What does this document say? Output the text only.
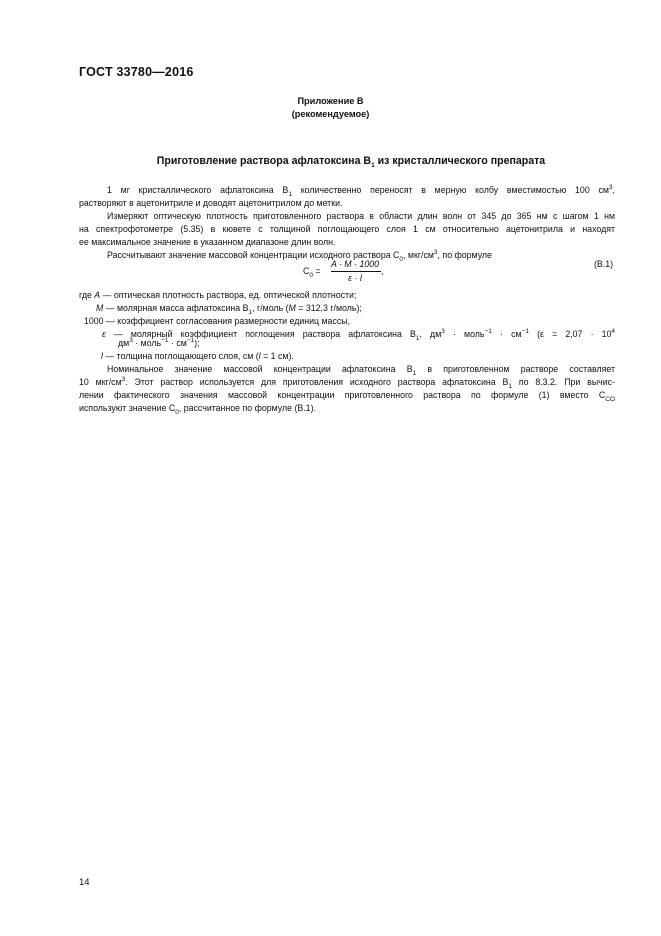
ГОСТ 33780—2016
Приложение В
(рекомендуемое)
Приготовление раствора афлатоксина $В_1$ из кристаллического препарата
1 мг кристаллического афлатоксина $В_1$ количественно переносят в мерную колбу вместимостью 100 $см^3$,
растворяют в ацетонитриле и доводят ацетонитрилом до метки.
Измеряют оптическую плотность приготовленного раствора в области длин волн от 345 до 365 нм с шагом 1 нм
на спектрофотометре (5.35) в кювете с толщиной поглощающего слоя 1 см относительно ацетонитрила и находят
ее максимальное значение в указанном диапазоне длин волн.
Рассчитывают значение массовой концентрации исходного раствора $C_0$, мкг/$см^3$, по формуле
$C_0$ =
A · M · 1000
ε · l
,
(В.1)
где A — оптическая плотность раствора, ед. оптической плотности;
M — молярная масса афлатоксина $В_1$, г/моль (M = 312,3 г/моль);
1000 — коэффициент согласования размерности единиц массы,
ε — молярный коэффициент поглощения раствора афлатоксина $В_1$, $дм^3$ · моль$^{-1}$ · $см^{-1}$ ($\varepsilon = 2,07 \cdot 10^4$
$дм^3$ · моль$^{-1}$ · $см^{-1}$);
l — толщина поглощающего слоя, см (l = 1 см).
Номинальное значение массовой концентрации афлатоксина $В_1$ в приготовленном растворе составляет
10 мкг/$см^3$. Этот раствор используется для приготовления исходного раствора афлатоксина $В_1$ по 8.3.2. При вычис-
лении фактического значения массовой концентрации приготовленного раствора по формуле (1) вместо $C_{CO}$
используют значение $C_0$, рассчитанное по формуле (В.1).
14
